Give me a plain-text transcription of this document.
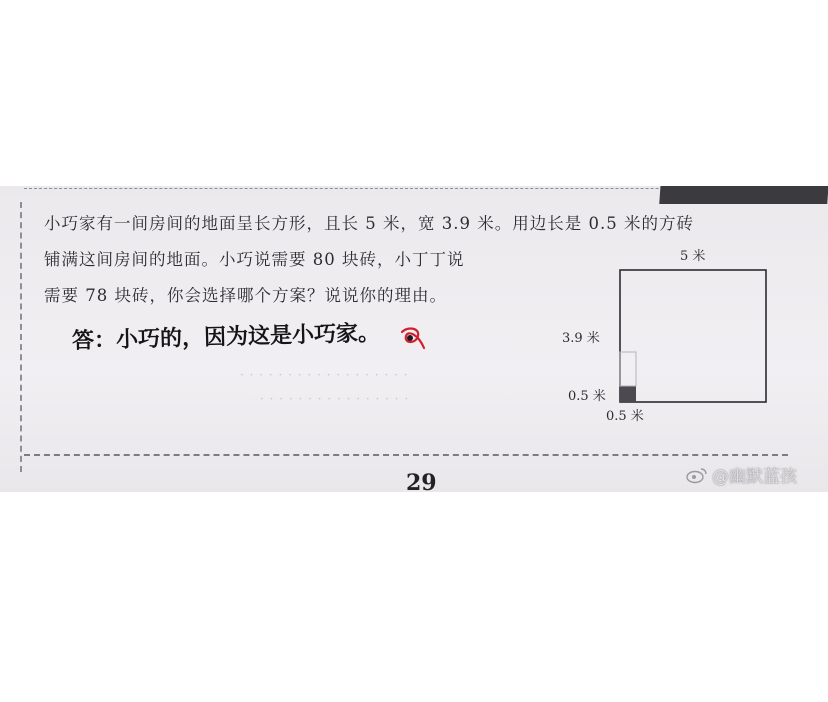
· · · · · · · · · · · · · · · · · ·
· · · · · · · · · · · · · · · ·
小巧家有一间房间的地面呈长方形，且长 5 米，宽 3.9 米。用边长是 0.5 米的方砖
铺满这间房间的地面。小巧说需要 80 块砖，小丁丁说
需要 78 块砖，你会选择哪个方案？说说你的理由。
答：小巧的，因为这是小巧家。
29
5 米
3.9 米
0.5 米
0.5 米
@幽默蓝孩
